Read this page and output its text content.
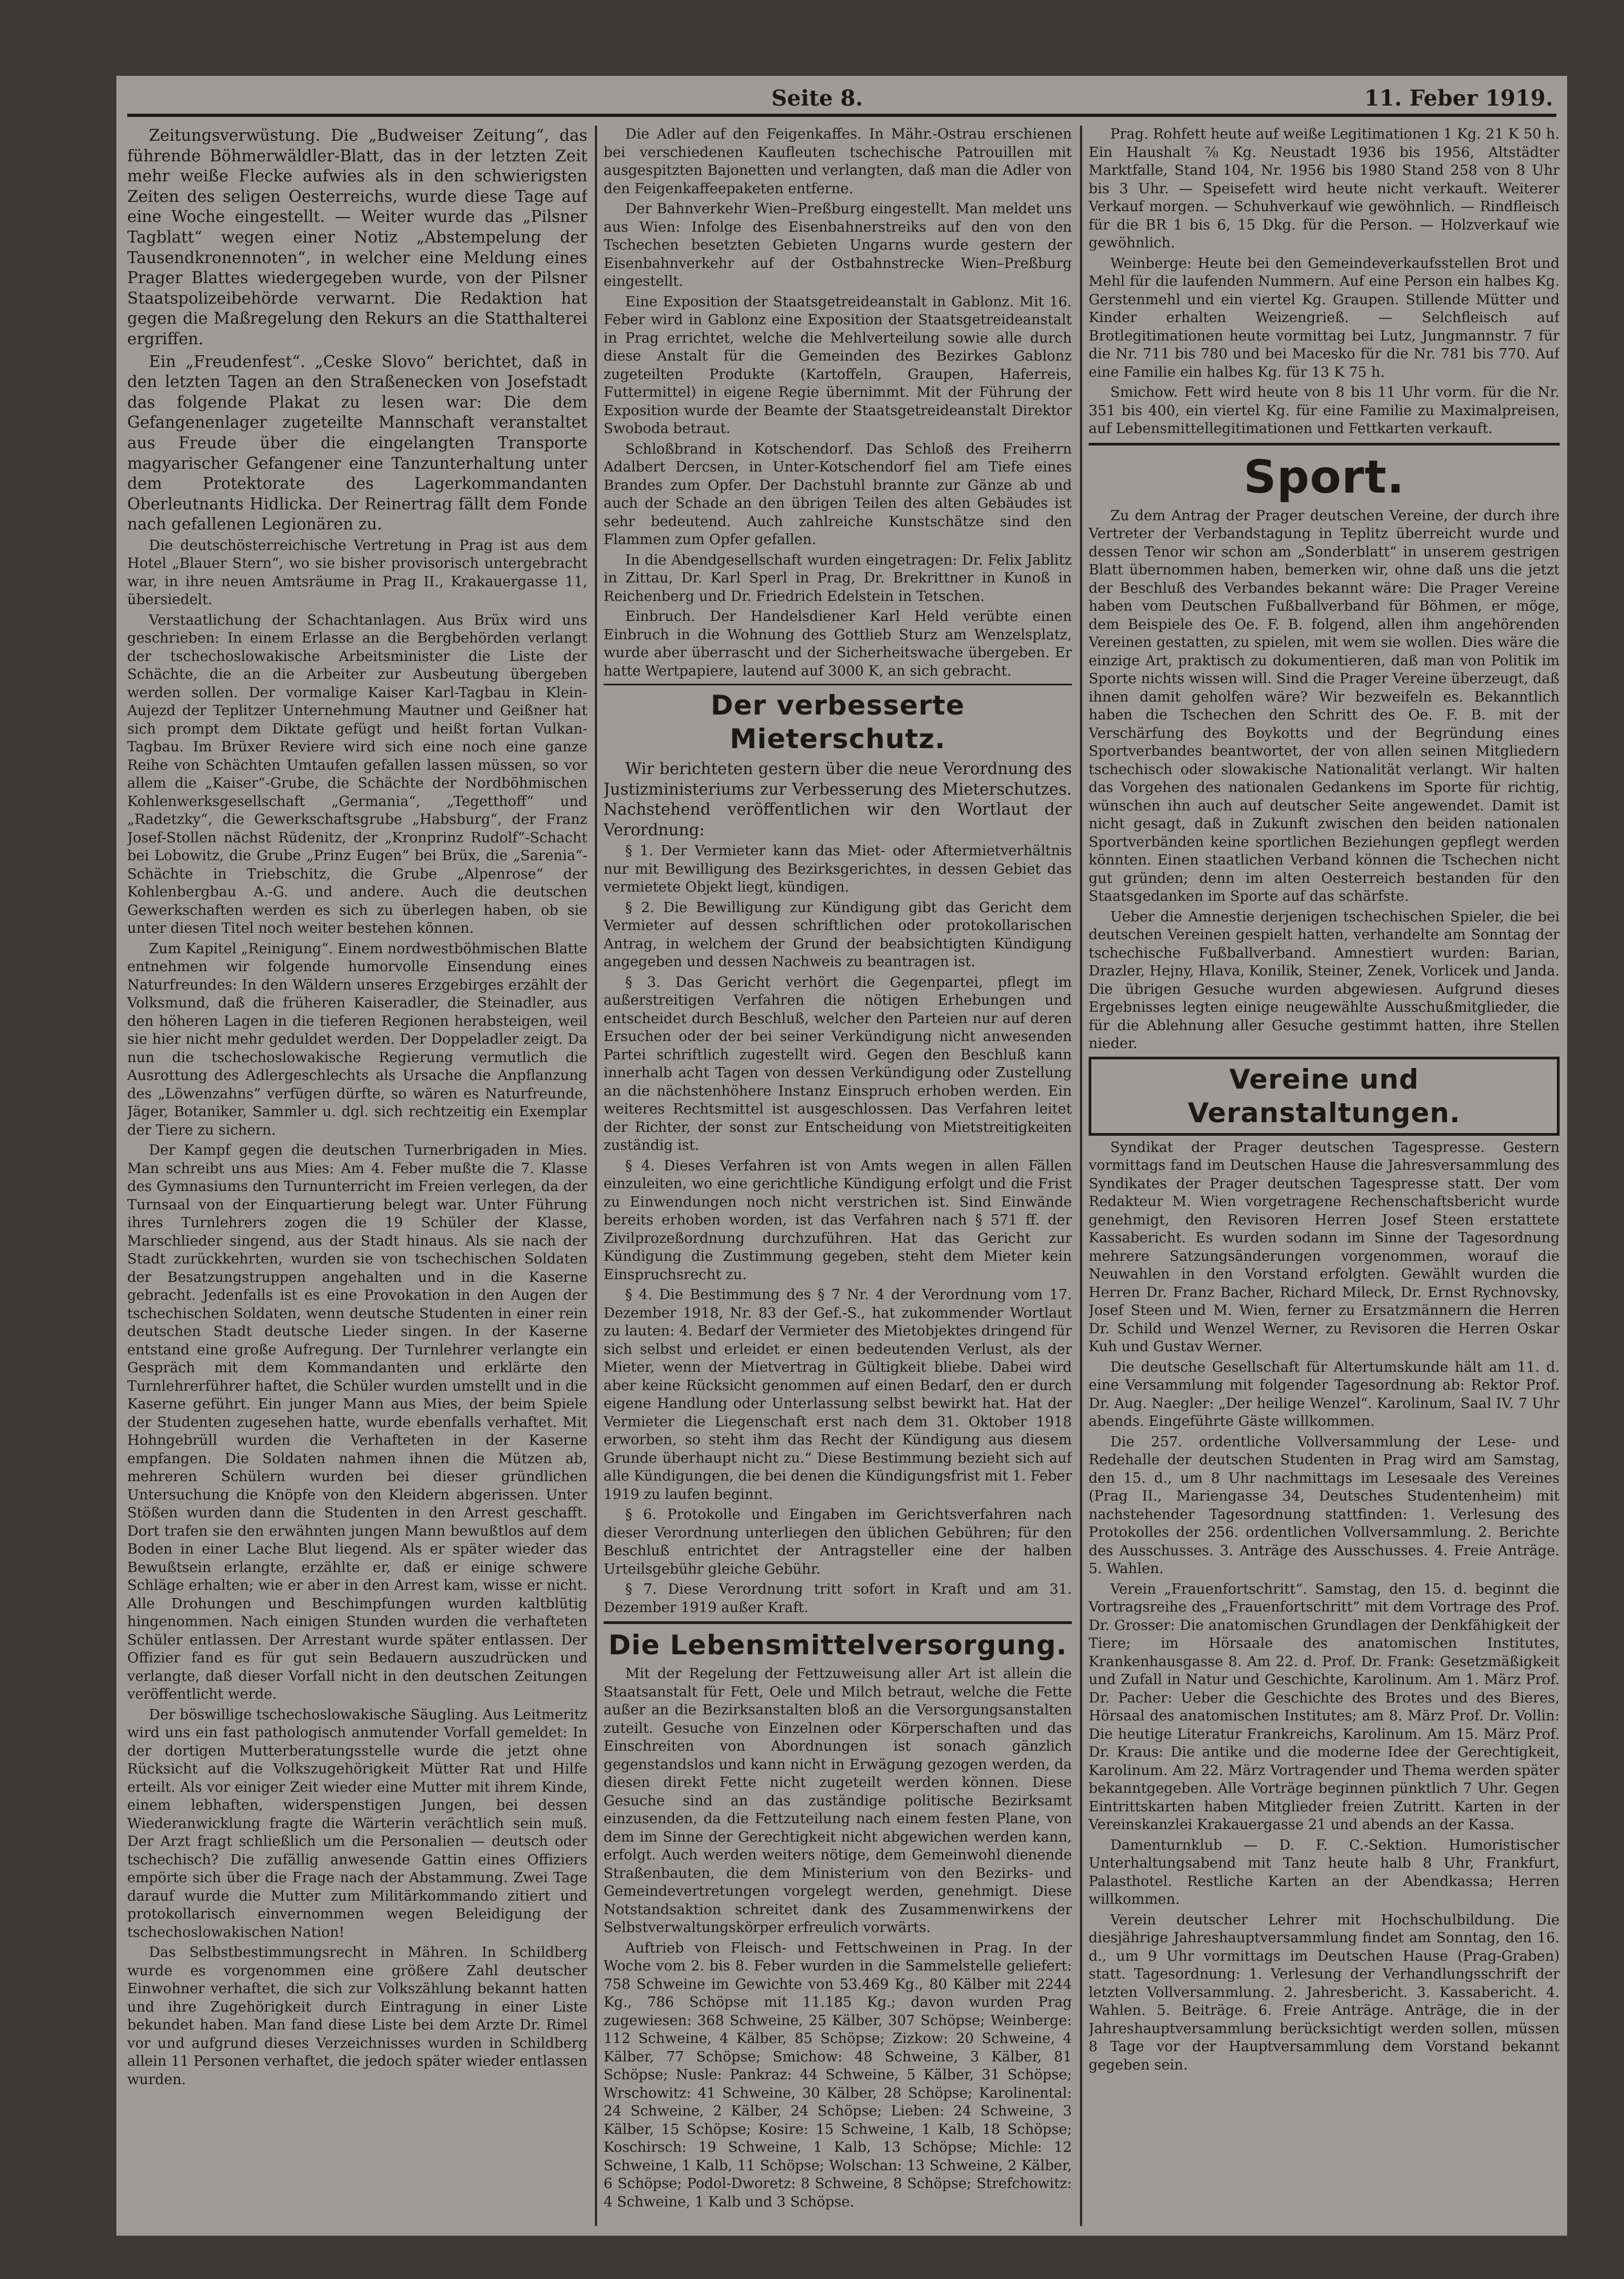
Seite 8.	11. Feber 1919.

Zeitungsverwüstung. Die „Budweiser Zeitung“, das führende Böhmerwäldler-Blatt, das in der letzten Zeit mehr weiße Flecke aufwies als in den schwierigsten Zeiten des seligen Oesterreichs, wurde diese Tage auf eine Woche eingestellt. — Weiter wurde das „Pilsner Tagblatt“ wegen einer Notiz „Abstempelung der Tausendkronennoten“, in welcher eine Meldung eines Prager Blattes wiedergegeben wurde, von der Pilsner Staatspolizeibehörde verwarnt. Die Redaktion hat gegen die Maßregelung den Rekurs an die Statthalterei ergriffen.

Ein „Freudenfest“. „Ceske Slovo“ berichtet, daß in den letzten Tagen an den Straßenecken von Josefstadt das folgende Plakat zu lesen war: Die dem Gefangenenlager zugeteilte Mannschaft veranstaltet aus Freude über die eingelangten Transporte magyarischer Gefangener eine Tanzunterhaltung unter dem Protektorate des Lagerkommandanten Oberleutnants Hidlicka. Der Reinertrag fällt dem Fonde nach gefallenen Legionären zu.

Die deutschösterreichische Vertretung in Prag ist aus dem Hotel „Blauer Stern“, wo sie bisher provisorisch untergebracht war, in ihre neuen Amtsräume in Prag II., Krakauergasse 11, übersiedelt.

Verstaatlichung der Schachtanlagen. Aus Brüx wird uns geschrieben: In einem Erlasse an die Bergbehörden verlangt der tschechoslowakische Arbeitsminister die Liste der Schächte, die an die Arbeiter zur Ausbeutung übergeben werden sollen. Der vormalige Kaiser Karl-Tagbau in Klein-Aujezd der Teplitzer Unternehmung Mautner und Geißner hat sich prompt dem Diktate gefügt und heißt fortan Vulkan-Tagbau. Im Brüxer Reviere wird sich eine noch eine ganze Reihe von Schächten Umtaufen gefallen lassen müssen, so vor allem die „Kaiser“-Grube, die Schächte der Nordböhmischen Kohlenwerksgesellschaft „Germania“, „Tegetthoff“ und „Radetzky“, die Gewerkschaftsgrube „Habsburg“, der Franz Josef-Stollen nächst Rüdenitz, der „Kronprinz Rudolf“-Schacht bei Lobowitz, die Grube „Prinz Eugen“ bei Brüx, die „Sarenia“-Schächte in Triebschitz, die Grube „Alpenrose“ der Kohlenbergbau A.-G. und andere. Auch die deutschen Gewerkschaften werden es sich zu überlegen haben, ob sie unter diesen Titel noch weiter bestehen können.

Zum Kapitel „Reinigung“. Einem nordwestböhmischen Blatte entnehmen wir folgende humorvolle Einsendung eines Naturfreundes: In den Wäldern unseres Erzgebirges erzählt der Volksmund, daß die früheren Kaiseradler, die Steinadler, aus den höheren Lagen in die tieferen Regionen herabsteigen, weil sie hier nicht mehr geduldet werden. Der Doppeladler zeigt. Da nun die tschechoslowakische Regierung vermutlich die Ausrottung des Adlergeschlechts als Ursache die Anpflanzung des „Löwenzahns“ verfügen dürfte, so wären es Naturfreunde, Jäger, Botaniker, Sammler u. dgl. sich rechtzeitig ein Exemplar der Tiere zu sichern.

Der Kampf gegen die deutschen Turnerbrigaden in Mies. Man schreibt uns aus Mies: Am 4. Feber mußte die 7. Klasse des Gymnasiums den Turnunterricht im Freien verlegen, da der Turnsaal von der Einquartierung belegt war. Unter Führung ihres Turnlehrers zogen die 19 Schüler der Klasse, Marschlieder singend, aus der Stadt hinaus. Als sie nach der Stadt zurückkehrten, wurden sie von tschechischen Soldaten der Besatzungstruppen angehalten und in die Kaserne gebracht. Jedenfalls ist es eine Provokation in den Augen der tschechischen Soldaten, wenn deutsche Studenten in einer rein deutschen Stadt deutsche Lieder singen. In der Kaserne entstand eine große Aufregung. Der Turnlehrer verlangte ein Gespräch mit dem Kommandanten und erklärte den Turnlehrerführer haftet, die Schüler wurden umstellt und in die Kaserne geführt. Ein junger Mann aus Mies, der beim Spiele der Studenten zugesehen hatte, wurde ebenfalls verhaftet. Mit Hohngebrüll wurden die Verhafteten in der Kaserne empfangen. Die Soldaten nahmen ihnen die Mützen ab, mehreren Schülern wurden bei dieser gründlichen Untersuchung die Knöpfe von den Kleidern abgerissen. Unter Stößen wurden dann die Studenten in den Arrest geschafft. Dort trafen sie den erwähnten jungen Mann bewußtlos auf dem Boden in einer Lache Blut liegend. Als er später wieder das Bewußtsein erlangte, erzählte er, daß er einige schwere Schläge erhalten; wie er aber in den Arrest kam, wisse er nicht. Alle Drohungen und Beschimpfungen wurden kaltblütig hingenommen. Nach einigen Stunden wurden die verhafteten Schüler entlassen. Der Arrestant wurde später entlassen. Der Offizier fand es für gut sein Bedauern auszudrücken und verlangte, daß dieser Vorfall nicht in den deutschen Zeitungen veröffentlicht werde.

Der böswillige tschechoslowakische Säugling. Aus Leitmeritz wird uns ein fast pathologisch anmutender Vorfall gemeldet: In der dortigen Mutterberatungsstelle wurde die jetzt ohne Rücksicht auf die Volkszugehörigkeit Mütter Rat und Hilfe erteilt. Als vor einiger Zeit wieder eine Mutter mit ihrem Kinde, einem lebhaften, widerspenstigen Jungen, bei dessen Wiederanwicklung fragte die Wärterin verächtlich sein muß. Der Arzt fragt schließlich um die Personalien — deutsch oder tschechisch? Die zufällig anwesende Gattin eines Offiziers empörte sich über die Frage nach der Abstammung. Zwei Tage darauf wurde die Mutter zum Militärkommando zitiert und protokollarisch einvernommen wegen Beleidigung der tschechoslowakischen Nation!

Das Selbstbestimmungsrecht in Mähren. In Schildberg wurde es vorgenommen eine größere Zahl deutscher Einwohner verhaftet, die sich zur Volkszählung bekannt hatten und ihre Zugehörigkeit durch Eintragung in einer Liste bekundet haben. Man fand diese Liste bei dem Arzte Dr. Rimel vor und aufgrund dieses Verzeichnisses wurden in Schildberg allein 11 Personen verhaftet, die jedoch später wieder entlassen wurden.

Die Adler auf den Feigenkaffes. In Mähr.-Ostrau erschienen bei verschiedenen Kaufleuten tschechische Patrouillen mit ausgespitzten Bajonetten und verlangten, daß man die Adler von den Feigenkaffeepaketen entferne.

Der Bahnverkehr Wien–Preßburg eingestellt. Man meldet uns aus Wien: Infolge des Eisenbahnerstreiks auf den von den Tschechen besetzten Gebieten Ungarns wurde gestern der Eisenbahnverkehr auf der Ostbahnstrecke Wien–Preßburg eingestellt.

Eine Exposition der Staatsgetreideanstalt in Gablonz. Mit 16. Feber wird in Gablonz eine Exposition der Staatsgetreideanstalt in Prag errichtet, welche die Mehlverteilung sowie alle durch diese Anstalt für die Gemeinden des Bezirkes Gablonz zugeteilten Produkte (Kartoffeln, Graupen, Haferreis, Futtermittel) in eigene Regie übernimmt. Mit der Führung der Exposition wurde der Beamte der Staatsgetreideanstalt Direktor Swoboda betraut.

Schloßbrand in Kotschendorf. Das Schloß des Freiherrn Adalbert Dercsen, in Unter-Kotschendorf fiel am Tiefe eines Brandes zum Opfer. Der Dachstuhl brannte zur Gänze ab und auch der Schade an den übrigen Teilen des alten Gebäudes ist sehr bedeutend. Auch zahlreiche Kunstschätze sind den Flammen zum Opfer gefallen.

In die Abendgesellschaft wurden eingetragen: Dr. Felix Jablitz in Zittau, Dr. Karl Sperl in Prag, Dr. Brekrittner in Kunoß in Reichenberg und Dr. Friedrich Edelstein in Tetschen.

Einbruch. Der Handelsdiener Karl Held verübte einen Einbruch in die Wohnung des Gottlieb Sturz am Wenzelsplatz, wurde aber überrascht und der Sicherheitswache übergeben. Er hatte Wertpapiere, lautend auf 3000 K, an sich gebracht.

Der verbesserte Mieterschutz.

Wir berichteten gestern über die neue Verordnung des Justizministeriums zur Verbesserung des Mieterschutzes. Nachstehend veröffentlichen wir den Wortlaut der Verordnung:

§ 1. Der Vermieter kann das Miet- oder Aftermietverhältnis nur mit Bewilligung des Bezirksgerichtes, in dessen Gebiet das vermietete Objekt liegt, kündigen.

§ 2. Die Bewilligung zur Kündigung gibt das Gericht dem Vermieter auf dessen schriftlichen oder protokollarischen Antrag, in welchem der Grund der beabsichtigten Kündigung angegeben und dessen Nachweis zu beantragen ist.

§ 3. Das Gericht verhört die Gegenpartei, pflegt im außerstreitigen Verfahren die nötigen Erhebungen und entscheidet durch Beschluß, welcher den Parteien nur auf deren Ersuchen oder der bei seiner Verkündigung nicht anwesenden Partei schriftlich zugestellt wird. Gegen den Beschluß kann innerhalb acht Tagen von dessen Verkündigung oder Zustellung an die nächstenhöhere Instanz Einspruch erhoben werden. Ein weiteres Rechtsmittel ist ausgeschlossen. Das Verfahren leitet der Richter, der sonst zur Entscheidung von Mietstreitigkeiten zuständig ist.

§ 4. Dieses Verfahren ist von Amts wegen in allen Fällen einzuleiten, wo eine gerichtliche Kündigung erfolgt und die Frist zu Einwendungen noch nicht verstrichen ist. Sind Einwände bereits erhoben worden, ist das Verfahren nach § 571 ff. der Zivilprozeßordnung durchzuführen. Hat das Gericht zur Kündigung die Zustimmung gegeben, steht dem Mieter kein Einspruchsrecht zu.

§ 4. Die Bestimmung des § 7 Nr. 4 der Verordnung vom 17. Dezember 1918, Nr. 83 der Gef.-S., hat zukommender Wortlaut zu lauten: 4. Bedarf der Vermieter des Mietobjektes dringend für sich selbst und erleidet er einen bedeutenden Verlust, als der Mieter, wenn der Mietvertrag in Gültigkeit bliebe. Dabei wird aber keine Rücksicht genommen auf einen Bedarf, den er durch eigene Handlung oder Unterlassung selbst bewirkt hat. Hat der Vermieter die Liegenschaft erst nach dem 31. Oktober 1918 erworben, so steht ihm das Recht der Kündigung aus diesem Grunde überhaupt nicht zu.“ Diese Bestimmung bezieht sich auf alle Kündigungen, die bei denen die Kündigungsfrist mit 1. Feber 1919 zu laufen beginnt.

§ 6. Protokolle und Eingaben im Gerichtsverfahren nach dieser Verordnung unterliegen den üblichen Gebühren; für den Beschluß entrichtet der Antragsteller eine der halben Urteilsgebühr gleiche Gebühr.

§ 7. Diese Verordnung tritt sofort in Kraft und am 31. Dezember 1919 außer Kraft.

Die Lebensmittelversorgung.

Mit der Regelung der Fettzuweisung aller Art ist allein die Staatsanstalt für Fett, Oele und Milch betraut, welche die Fette außer an die Bezirksanstalten bloß an die Versorgungsanstalten zuteilt. Gesuche von Einzelnen oder Körperschaften und das Einschreiten von Abordnungen ist sonach gänzlich gegenstandslos und kann nicht in Erwägung gezogen werden, da diesen direkt Fette nicht zugeteilt werden können. Diese Gesuche sind an das zuständige politische Bezirksamt einzusenden, da die Fettzuteilung nach einem festen Plane, von dem im Sinne der Gerechtigkeit nicht abgewichen werden kann, erfolgt. Auch werden weiters nötige, dem Gemeinwohl dienende Straßenbauten, die dem Ministerium von den Bezirks- und Gemeindevertretungen vorgelegt werden, genehmigt. Diese Notstandsaktion schreitet dank des Zusammenwirkens der Selbstverwaltungskörper erfreulich vorwärts.

Auftrieb von Fleisch- und Fettschweinen in Prag. In der Woche vom 2. bis 8. Feber wurden in die Sammelstelle geliefert: 758 Schweine im Gewichte von 53.469 Kg., 80 Kälber mit 2244 Kg., 786 Schöpse mit 11.185 Kg.; davon wurden Prag zugewiesen: 368 Schweine, 25 Kälber, 307 Schöpse; Weinberge: 112 Schweine, 4 Kälber, 85 Schöpse; Zizkow: 20 Schweine, 4 Kälber, 77 Schöpse; Smichow: 48 Schweine, 3 Kälber, 81 Schöpse; Nusle: Pankraz: 44 Schweine, 5 Kälber, 31 Schöpse; Wrschowitz: 41 Schweine, 30 Kälber, 28 Schöpse; Karolinental: 24 Schweine, 2 Kälber, 24 Schöpse; Lieben: 24 Schweine, 3 Kälber, 15 Schöpse; Kosire: 15 Schweine, 1 Kalb, 18 Schöpse; Koschirsch: 19 Schweine, 1 Kalb, 13 Schöpse; Michle: 12 Schweine, 1 Kalb, 11 Schöpse; Wolschan: 13 Schweine, 2 Kälber, 6 Schöpse; Podol-Dworetz: 8 Schweine, 8 Schöpse; Strefchowitz: 4 Schweine, 1 Kalb und 3 Schöpse.

Prag. Rohfett heute auf weiße Legitimationen 1 Kg. 21 K 50 h. Ein Haushalt ⅞ Kg. Neustadt 1936 bis 1956, Altstädter Marktfalle, Stand 104, Nr. 1956 bis 1980 Stand 258 von 8 Uhr bis 3 Uhr. — Speisefett wird heute nicht verkauft. Weiterer Verkauf morgen. — Schuhverkauf wie gewöhnlich. — Rindfleisch für die BR 1 bis 6, 15 Dkg. für die Person. — Holzverkauf wie gewöhnlich.

Weinberge: Heute bei den Gemeindeverkaufsstellen Brot und Mehl für die laufenden Nummern. Auf eine Person ein halbes Kg. Gerstenmehl und ein viertel Kg. Graupen. Stillende Mütter und Kinder erhalten Weizengrieß. — Selchfleisch auf Brotlegitimationen heute vormittag bei Lutz, Jungmannstr. 7 für die Nr. 711 bis 780 und bei Macesko für die Nr. 781 bis 770. Auf eine Familie ein halbes Kg. für 13 K 75 h.

Smichow. Fett wird heute von 8 bis 11 Uhr vorm. für die Nr. 351 bis 400, ein viertel Kg. für eine Familie zu Maximalpreisen, auf Lebensmittellegitimationen und Fettkarten verkauft.

Sport.

Zu dem Antrag der Prager deutschen Vereine, der durch ihre Vertreter der Verbandstagung in Teplitz überreicht wurde und dessen Tenor wir schon am „Sonderblatt“ in unserem gestrigen Blatt übernommen haben, bemerken wir, ohne daß uns die jetzt der Beschluß des Verbandes bekannt wäre: Die Prager Vereine haben vom Deutschen Fußballverband für Böhmen, er möge, dem Beispiele des Oe. F. B. folgend, allen ihm angehörenden Vereinen gestatten, zu spielen, mit wem sie wollen. Dies wäre die einzige Art, praktisch zu dokumentieren, daß man von Politik im Sporte nichts wissen will. Sind die Prager Vereine überzeugt, daß ihnen damit geholfen wäre? Wir bezweifeln es. Bekanntlich haben die Tschechen den Schritt des Oe. F. B. mit der Verschärfung des Boykotts und der Begründung eines Sportverbandes beantwortet, der von allen seinen Mitgliedern tschechisch oder slowakische Nationalität verlangt. Wir halten das Vorgehen des nationalen Gedankens im Sporte für richtig, wünschen ihn auch auf deutscher Seite angewendet. Damit ist nicht gesagt, daß in Zukunft zwischen den beiden nationalen Sportverbänden keine sportlichen Beziehungen gepflegt werden könnten. Einen staatlichen Verband können die Tschechen nicht gut gründen; denn im alten Oesterreich bestanden für den Staatsgedanken im Sporte auf das schärfste.

Ueber die Amnestie derjenigen tschechischen Spieler, die bei deutschen Vereinen gespielt hatten, verhandelte am Sonntag der tschechische Fußballverband. Amnestiert wurden: Barian, Drazler, Hejny, Hlava, Konilik, Steiner, Zenek, Vorlicek und Janda. Die übrigen Gesuche wurden abgewiesen. Aufgrund dieses Ergebnisses legten einige neugewählte Ausschußmitglieder, die für die Ablehnung aller Gesuche gestimmt hatten, ihre Stellen nieder.

Vereine und Veranstaltungen.

Syndikat der Prager deutschen Tagespresse. Gestern vormittags fand im Deutschen Hause die Jahresversammlung des Syndikates der Prager deutschen Tagespresse statt. Der vom Redakteur M. Wien vorgetragene Rechenschaftsbericht wurde genehmigt, den Revisoren Herren Josef Steen erstattete Kassabericht. Es wurden sodann im Sinne der Tagesordnung mehrere Satzungsänderungen vorgenommen, worauf die Neuwahlen in den Vorstand erfolgten. Gewählt wurden die Herren Dr. Franz Bacher, Richard Mileck, Dr. Ernst Rychnovsky, Josef Steen und M. Wien, ferner zu Ersatzmännern die Herren Dr. Schild und Wenzel Werner, zu Revisoren die Herren Oskar Kuh und Gustav Werner.

Die deutsche Gesellschaft für Altertumskunde hält am 11. d. eine Versammlung mit folgender Tagesordnung ab: Rektor Prof. Dr. Aug. Naegler: „Der heilige Wenzel“. Karolinum, Saal IV. 7 Uhr abends. Eingeführte Gäste willkommen.

Die 257. ordentliche Vollversammlung der Lese- und Redehalle der deutschen Studenten in Prag wird am Samstag, den 15. d., um 8 Uhr nachmittags im Lesesaale des Vereines (Prag II., Mariengasse 34, Deutsches Studentenheim) mit nachstehender Tagesordnung stattfinden: 1. Verlesung des Protokolles der 256. ordentlichen Vollversammlung. 2. Berichte des Ausschusses. 3. Anträge des Ausschusses. 4. Freie Anträge. 5. Wahlen.

Verein „Frauenfortschritt“. Samstag, den 15. d. beginnt die Vortragsreihe des „Frauenfortschritt“ mit dem Vortrage des Prof. Dr. Grosser: Die anatomischen Grundlagen der Denkfähigkeit der Tiere; im Hörsaale des anatomischen Institutes, Krankenhausgasse 8. Am 22. d. Prof. Dr. Frank: Gesetzmäßigkeit und Zufall in Natur und Geschichte, Karolinum. Am 1. März Prof. Dr. Pacher: Ueber die Geschichte des Brotes und des Bieres, Hörsaal des anatomischen Institutes; am 8. März Prof. Dr. Vollin: Die heutige Literatur Frankreichs, Karolinum. Am 15. März Prof. Dr. Kraus: Die antike und die moderne Idee der Gerechtigkeit, Karolinum. Am 22. März Vortragender und Thema werden später bekanntgegeben. Alle Vorträge beginnen pünktlich 7 Uhr. Gegen Eintrittskarten haben Mitglieder freien Zutritt. Karten in der Vereinskanzlei Krakauergasse 21 und abends an der Kassa.

Damenturnklub — D. F. C.-Sektion. Humoristischer Unterhaltungsabend mit Tanz heute halb 8 Uhr, Frankfurt, Palasthotel. Restliche Karten an der Abendkassa; Herren willkommen.

Verein deutscher Lehrer mit Hochschulbildung. Die diesjährige Jahreshauptversammlung findet am Sonntag, den 16. d., um 9 Uhr vormittags im Deutschen Hause (Prag-Graben) statt. Tagesordnung: 1. Verlesung der Verhandlungsschrift der letzten Vollversammlung. 2. Jahresbericht. 3. Kassabericht. 4. Wahlen. 5. Beiträge. 6. Freie Anträge. Anträge, die in der Jahreshauptversammlung berücksichtigt werden sollen, müssen 8 Tage vor der Hauptversammlung dem Vorstand bekannt gegeben sein.
